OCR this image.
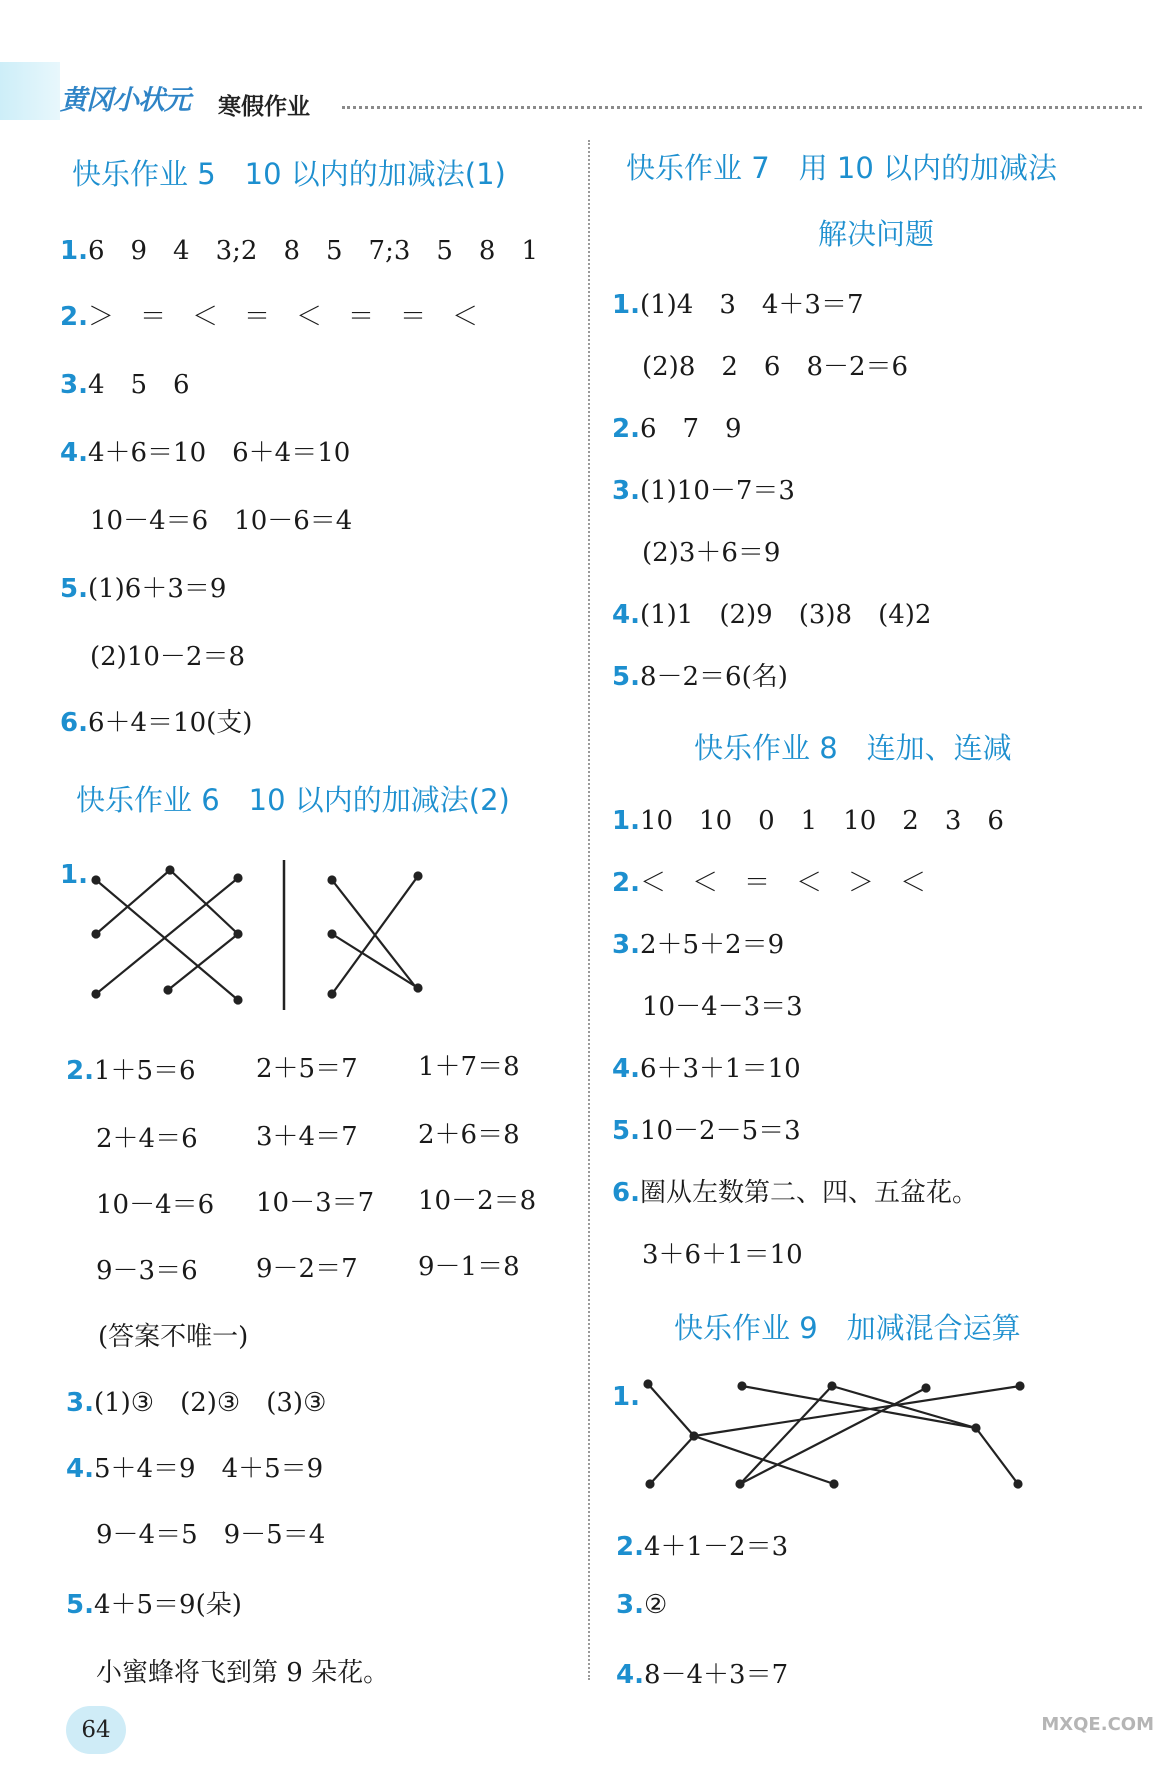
黄冈小状元 寒假作业
快乐作业 5　10 以内的加减法(1)
1.6　9　4　3;2　8　5　7;3　5　8　1
2.＞　＝　＜　＝　＜　＝　＝　＜
3.4　5　6
4.4＋6＝10　6＋4＝10
10－4＝6　10－6＝4
5.(1)6＋3＝9
(2)10－2＝8
6.6＋4＝10(支)
快乐作业 6　10 以内的加减法(2)
1.
2.1＋5＝6 2＋5＝7 1＋7＝8
2＋4＝6 3＋4＝7 2＋6＝8
10－4＝6 10－3＝7 10－2＝8
9－3＝6 9－2＝7 9－1＝8
(答案不唯一)
3.(1)③　(2)③　(3)③
4.5＋4＝9　4＋5＝9
9－4＝5　9－5＝4
5.4＋5＝9(朵)
小蜜蜂将飞到第 9 朵花。
快乐作业 7　用 10 以内的加减法
解决问题
1.(1)4　3　4＋3＝7
(2)8　2　6　8－2＝6
2.6　7　9
3.(1)10－7＝3
(2)3＋6＝9
4.(1)1　(2)9　(3)8　(4)2
5.8－2＝6(名)
快乐作业 8　连加、连减
1.10　10　0　1　10　2　3　6
2.＜　＜　＝　＜　＞　＜
3.2＋5＋2＝9
10－4－3＝3
4.6＋3＋1＝10
5.10－2－5＝3
6.圈从左数第二、四、五盆花。
3＋6＋1＝10
快乐作业 9　加减混合运算
1.
2.4＋1－2＝3
3.②
4.8－4＋3＝7
64	MXQE.COM
